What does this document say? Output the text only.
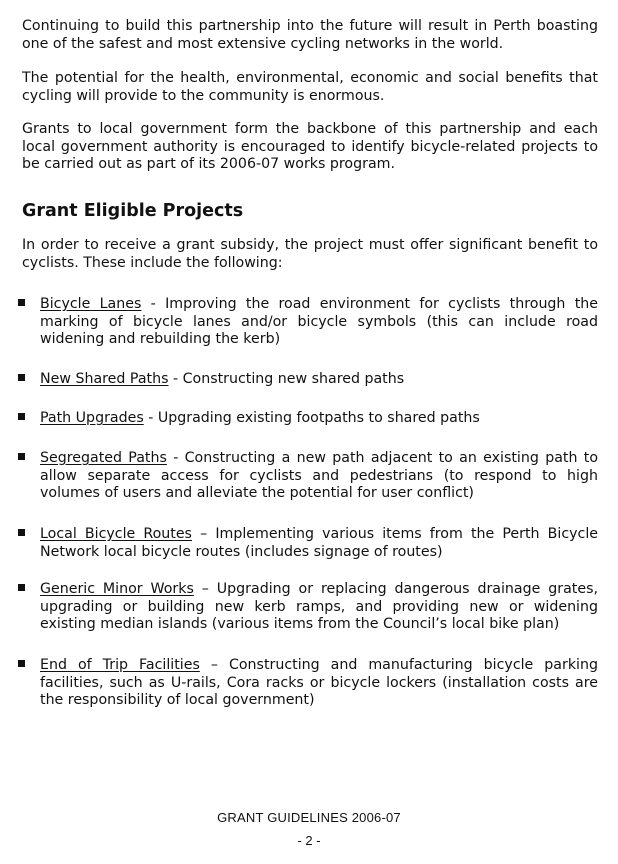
Continuing to build this partnership into the future will result in Perth boasting one of the safest and most extensive cycling networks in the world.

The potential for the health, environmental, economic and social benefits that cycling will provide to the community is enormous.

Grants to local government form the backbone of this partnership and each local government authority is encouraged to identify bicycle-related projects to be carried out as part of its 2006-07 works program.

Grant Eligible Projects

In order to receive a grant subsidy, the project must offer significant benefit to cyclists. These include the following:

Bicycle Lanes - Improving the road environment for cyclists through the marking of bicycle lanes and/or bicycle symbols (this can include road widening and rebuilding the kerb)
New Shared Paths - Constructing new shared paths
Path Upgrades - Upgrading existing footpaths to shared paths
Segregated Paths - Constructing a new path adjacent to an existing path to allow separate access for cyclists and pedestrians (to respond to high volumes of users and alleviate the potential for user conflict)
Local Bicycle Routes – Implementing various items from the Perth Bicycle Network local bicycle routes (includes signage of routes)
Generic Minor Works – Upgrading or replacing dangerous drainage grates, upgrading or building new kerb ramps, and providing new or widening existing median islands (various items from the Council’s local bike plan)
End of Trip Facilities – Constructing and manufacturing bicycle parking facilities, such as U-rails, Cora racks or bicycle lockers (installation costs are the responsibility of local government)

GRANT GUIDELINES 2006-07

- 2 -
